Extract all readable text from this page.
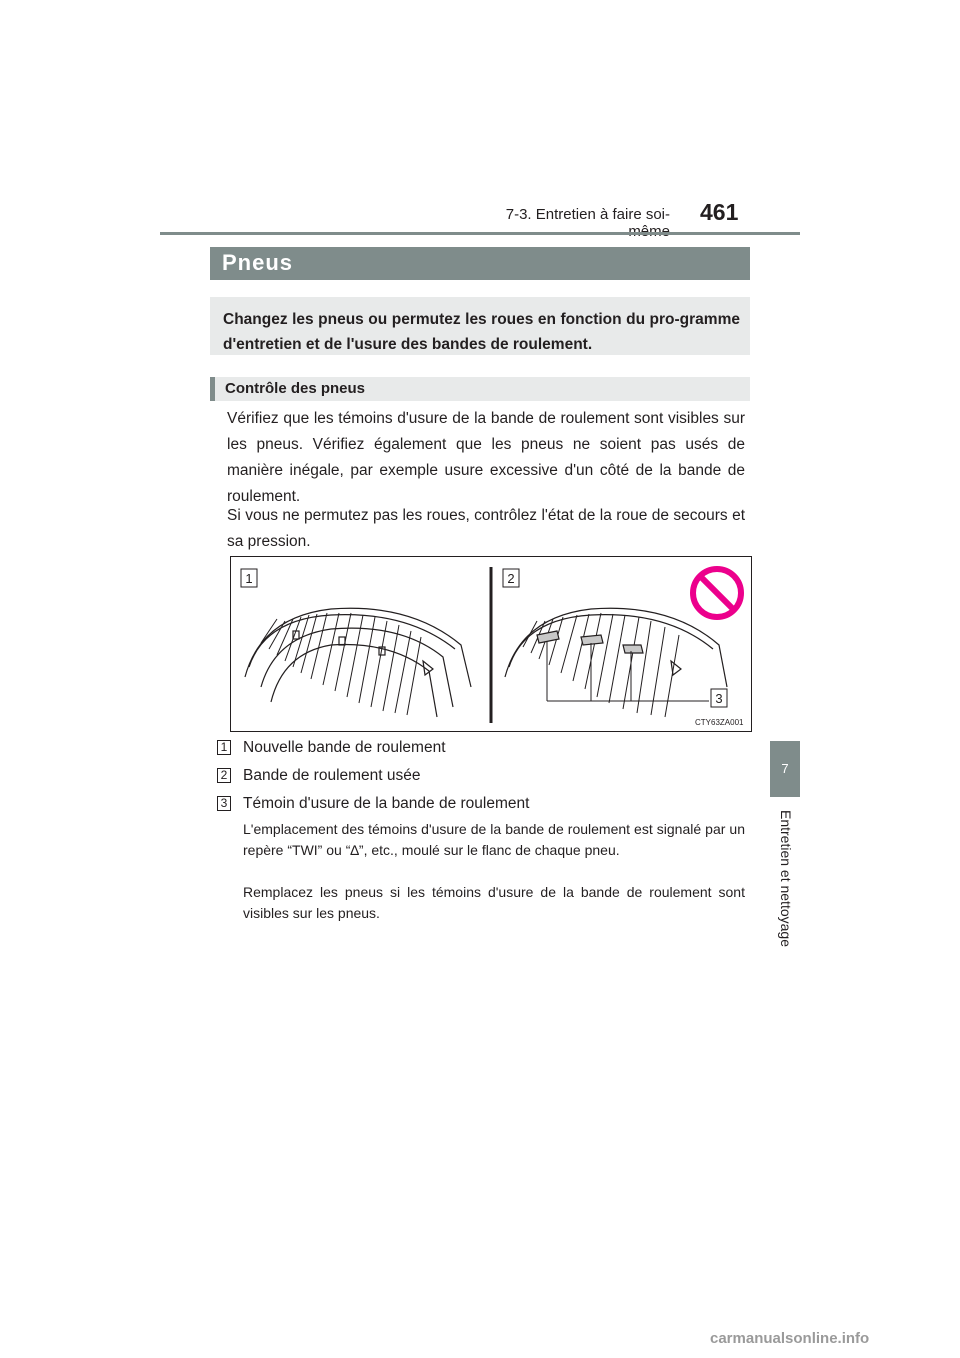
7-3. Entretien à faire soi- 461
7
Entretien et nettoyage
Pneus
Changez les pneus ou permutez les roues en fonction du pro-gramme d'entretien et de l'usure des bandes de roulement.
Contrôle des pneus
Vérifiez que les témoins d'usure de la bande de roulement sont visibles sur les pneus. Vérifiez également que les pneus ne soient pas usés de manière inégale, par exemple usure excessive d'un côté de la bande de roulement.
Si vous ne permutez pas les roues, contrôlez l'état de la roue de secours et sa pression.
1	2
3
CTY63ZA001
1 Nouvelle bande de roulement
2 Bande de roulement usée
3 Témoin d'usure de la bande de roulement
L'emplacement des témoins d'usure de la bande de roulement est signalé par un repère “TWI” ou “∆”, etc., moulé sur le flanc de chaque pneu.
Remplacez les pneus si les témoins d'usure de la bande de roulement sont visibles sur les pneus.
carmanualsonline.info
